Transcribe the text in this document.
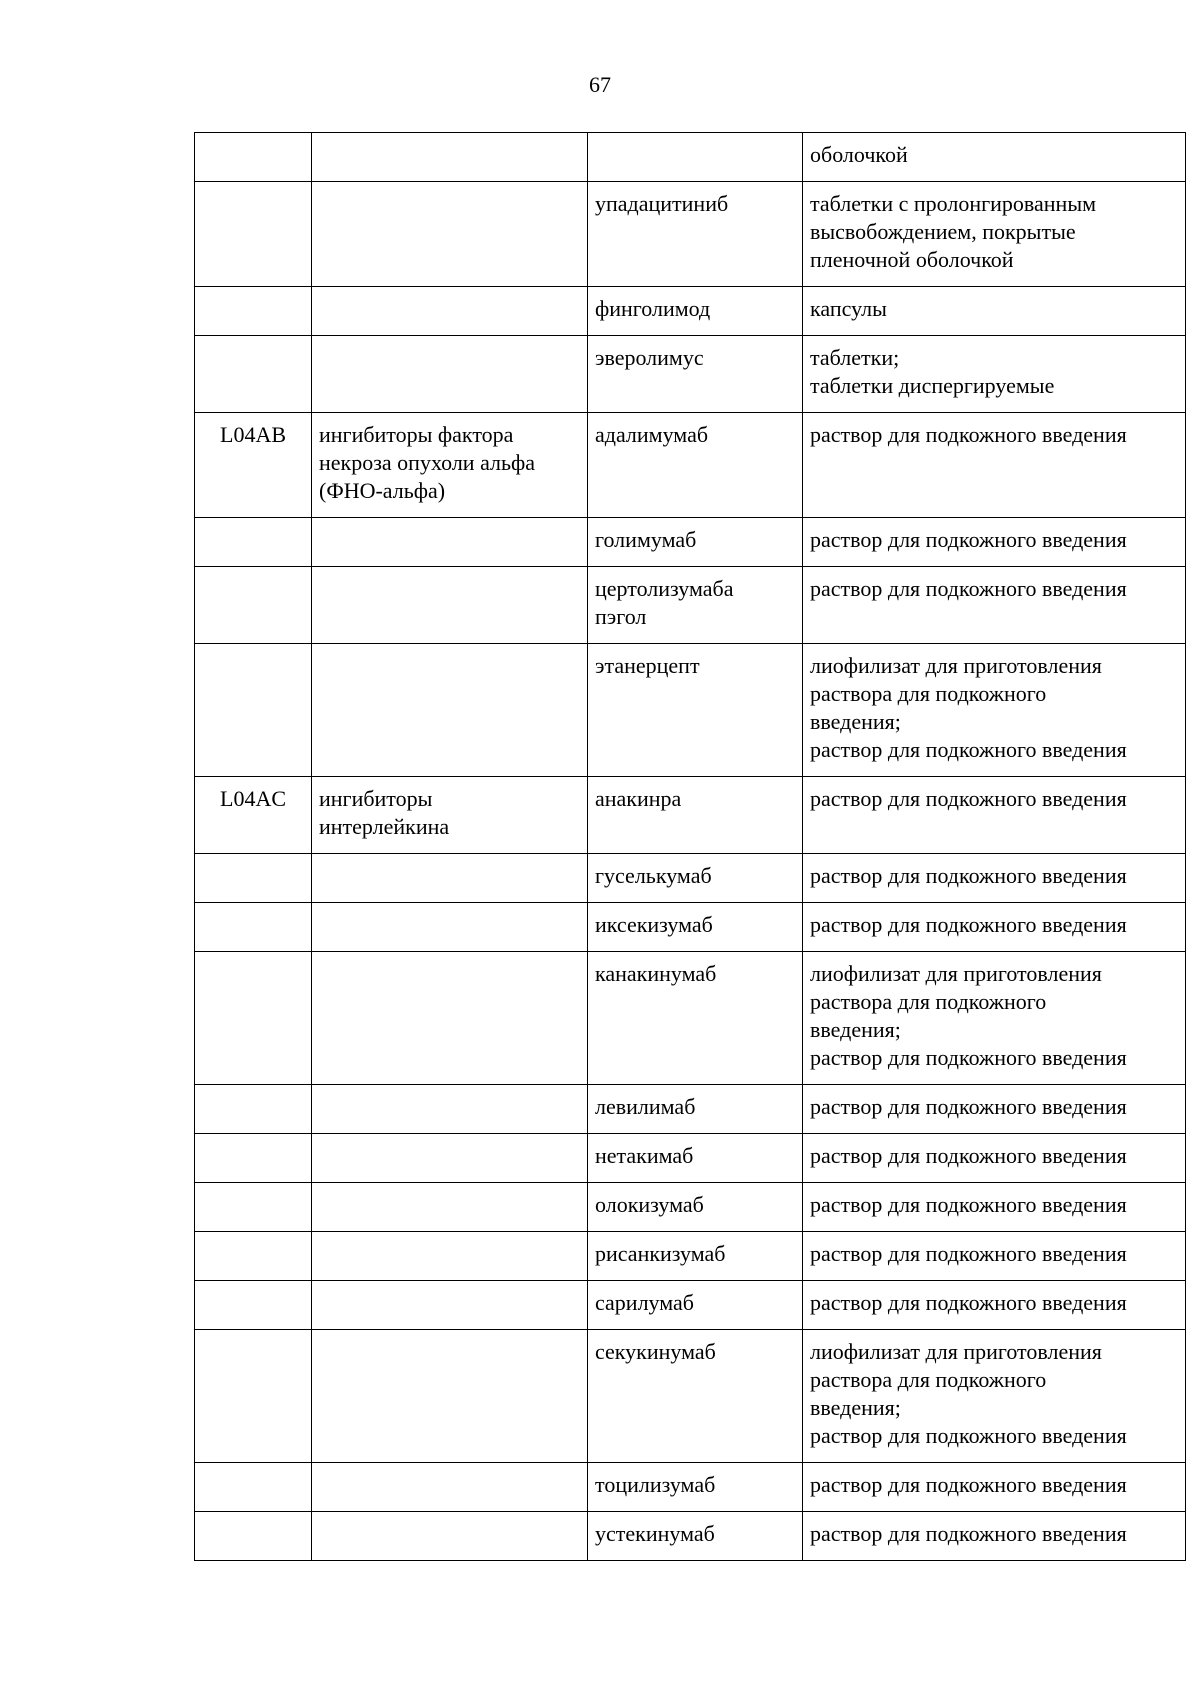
67

			оболочкой

		упадацитиниб	таблетки с пролонгированным
высвобождением, покрытые
пленочной оболочкой

		финголимод	капсулы

		эверолимус	таблетки;
таблетки диспергируемые

L04AB	ингибиторы фактора
некроза опухоли альфа
(ФНО-альфа)	адалимумаб	раствор для подкожного введения

		голимумаб	раствор для подкожного введения

		цертолизумаба
пэгол	раствор для подкожного введения

		этанерцепт	лиофилизат для приготовления
раствора для подкожного
введения;
раствор для подкожного введения

L04AC	ингибиторы
интерлейкина	анакинра	раствор для подкожного введения

		гуселькумаб	раствор для подкожного введения

		иксекизумаб	раствор для подкожного введения

		канакинумаб	лиофилизат для приготовления
раствора для подкожного
введения;
раствор для подкожного введения

		левилимаб	раствор для подкожного введения

		нетакимаб	раствор для подкожного введения

		олокизумаб	раствор для подкожного введения

		рисанкизумаб	раствор для подкожного введения

		сарилумаб	раствор для подкожного введения

		секукинумаб	лиофилизат для приготовления
раствора для подкожного
введения;
раствор для подкожного введения

		тоцилизумаб	раствор для подкожного введения

		устекинумаб	раствор для подкожного введения
